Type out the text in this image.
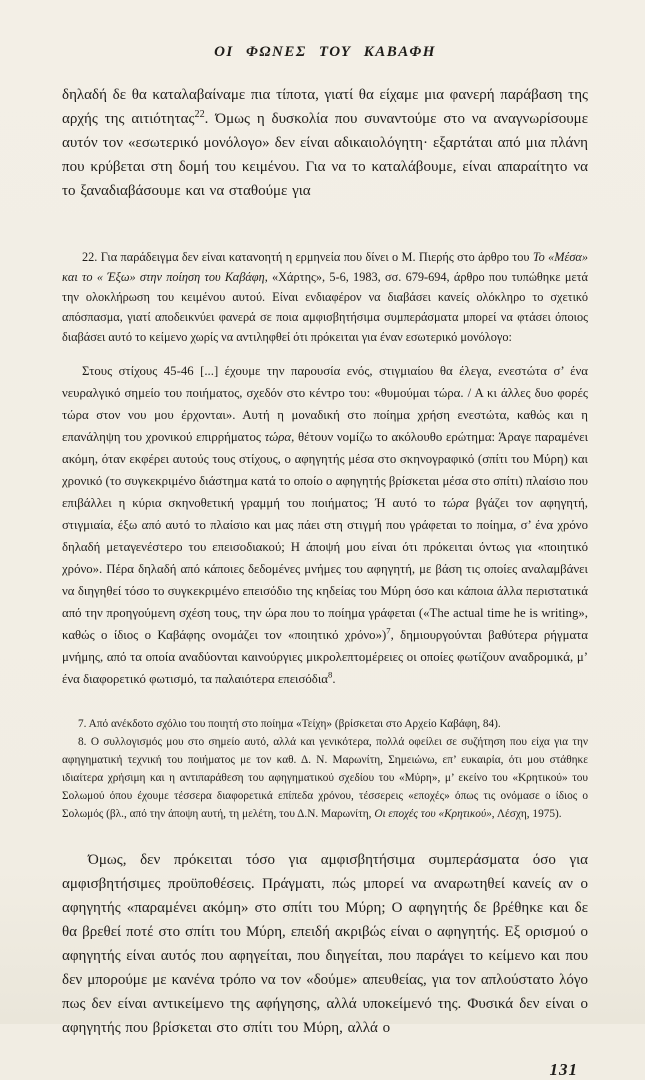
ΟΙ ΦΩΝΕΣ ΤΟΥ ΚΑΒΑΦΗ

δηλαδή δε θα καταλαβαίναμε πια τίποτα, γιατί θα είχαμε μια φανερή παράβαση της αρχής της αιτιότητας$^{22}$. Όμως η δυσκολία που συναντούμε στο να αναγνωρίσουμε αυτόν τον «εσωτερικό μονόλογο» δεν είναι αδικαιολόγητη· εξαρτάται από μια πλάνη που κρύβεται στη δομή του κειμένου. Για να το καταλάβουμε, είναι απαραίτητο να το ξαναδιαβάσουμε και να σταθούμε για

22. Για παράδειγμα δεν είναι κατανοητή η ερμηνεία που δίνει ο Μ. Πιερής στο άρθρο του Το «Μέσα» και το « Έξω» στην ποίηση του Καβάφη, «Χάρτης», 5-6, 1983, σσ. 679-694, άρθρο που τυπώθηκε μετά την ολοκλήρωση του κειμένου αυτού. Είναι ενδιαφέρον να διαβάσει κανείς ολόκληρο το σχετικό απόσπασμα, γιατί αποδεικνύει φανερά σε ποια αμφισβητήσιμα συμπεράσματα μπορεί να φτάσει όποιος διαβάσει αυτό το κείμενο χωρίς να αντιληφθεί ότι πρόκειται για έναν εσωτερικό μονόλογο:

Στους στίχους 45-46 [...] έχουμε την παρουσία ενός, στιγμιαίου θα έλεγα, ενεστώτα σ’ ένα νευραλγικό σημείο του ποιήματος, σχεδόν στο κέντρο του: «θυμούμαι τώρα. / Α κι άλλες δυο φορές τώρα στον νου μου έρχονται». Αυτή η μοναδική στο ποίημα χρήση ενεστώτα, καθώς και η επανάληψη του χρονικού επιρρήματος τώρα, θέτουν νομίζω το ακόλουθο ερώτημα: Άραγε παραμένει ακόμη, όταν εκφέρει αυτούς τους στίχους, ο αφηγητής μέσα στο σκηνογραφικό (σπίτι του Μύρη) και χρονικό (το συγκεκριμένο διάστημα κατά το οποίο ο αφηγητής βρίσκεται μέσα στο σπίτι) πλαίσιο που επιβάλλει η κύρια σκηνοθετική γραμμή του ποιήματος; Ή αυτό το τώρα βγάζει τον αφηγητή, στιγμιαία, έξω από αυτό το πλαίσιο και μας πάει στη στιγμή που γράφεται το ποίημα, σ’ ένα χρόνο δηλαδή μεταγενέστερο του επεισοδιακού; Η άποψή μου είναι ότι πρόκειται όντως για «ποιητικό χρόνο». Πέρα δηλαδή από κάποιες δεδομένες μνήμες του αφηγητή, με βάση τις οποίες αναλαμβάνει να διηγηθεί τόσο το συγκεκριμένο επεισόδιο της κηδείας του Μύρη όσο και κάποια άλλα περιστατικά από την προηγούμενη σχέση τους, την ώρα που το ποίημα γράφεται («The actual time he is writing», καθώς ο ίδιος ο Καβάφης ονομάζει τον «ποιητικό χρόνο»)$^7$, δημιουργούνται βαθύτερα ρήγματα μνήμης, από τα οποία αναδύονται καινούργιες μικρολεπτομέρειες οι οποίες φωτίζουν αναδρομικά, μ’ ένα διαφορετικό φωτισμό, τα παλαιότερα επεισόδια$^8$.

7. Από ανέκδοτο σχόλιο του ποιητή στο ποίημα «Τείχη» (βρίσκεται στο Αρχείο Καβάφη, 84).

8. Ο συλλογισμός μου στο σημείο αυτό, αλλά και γενικότερα, πολλά οφείλει σε συζήτηση που είχα για την αφηγηματική τεχνική του ποιήματος με τον καθ. Δ. Ν. Μαρωνίτη, Σημειώνω, επ’ ευκαιρία, ότι μου στάθηκε ιδιαίτερα χρήσιμη και η αντιπαράθεση του αφηγηματικού σχεδίου του «Μύρη», μ’ εκείνο του «Κρητικού» του Σολωμού όπου έχουμε τέσσερα διαφορετικά επίπεδα χρόνου, τέσσερεις «εποχές» όπως τις ονόμασε ο ίδιος ο Σολωμός (βλ., από την άποψη αυτή, τη μελέτη, του Δ.Ν. Μαρωνίτη, Οι εποχές του «Κρητικού», Λέσχη, 1975).

Όμως, δεν πρόκειται τόσο για αμφισβητήσιμα συμπεράσματα όσο για αμφισβητήσιμες προϋποθέσεις. Πράγματι, πώς μπορεί να αναρωτηθεί κανείς αν ο αφηγητής «παραμένει ακόμη» στο σπίτι του Μύρη; Ο αφηγητής δε βρέθηκε και δε θα βρεθεί ποτέ στο σπίτι του Μύρη, επειδή ακριβώς είναι ο αφηγητής. Εξ ορισμού ο αφηγητής είναι αυτός που αφηγείται, που διηγείται, που παράγει το κείμενο και που δεν μπορούμε με κανένα τρόπο να τον «δούμε» απευθείας, για τον απλούστατο λόγο πως δεν είναι αντικείμενο της αφήγησης, αλλά υποκείμενό της. Φυσικά δεν είναι ο αφηγητής που βρίσκεται στο σπίτι του Μύρη, αλλά ο

131
